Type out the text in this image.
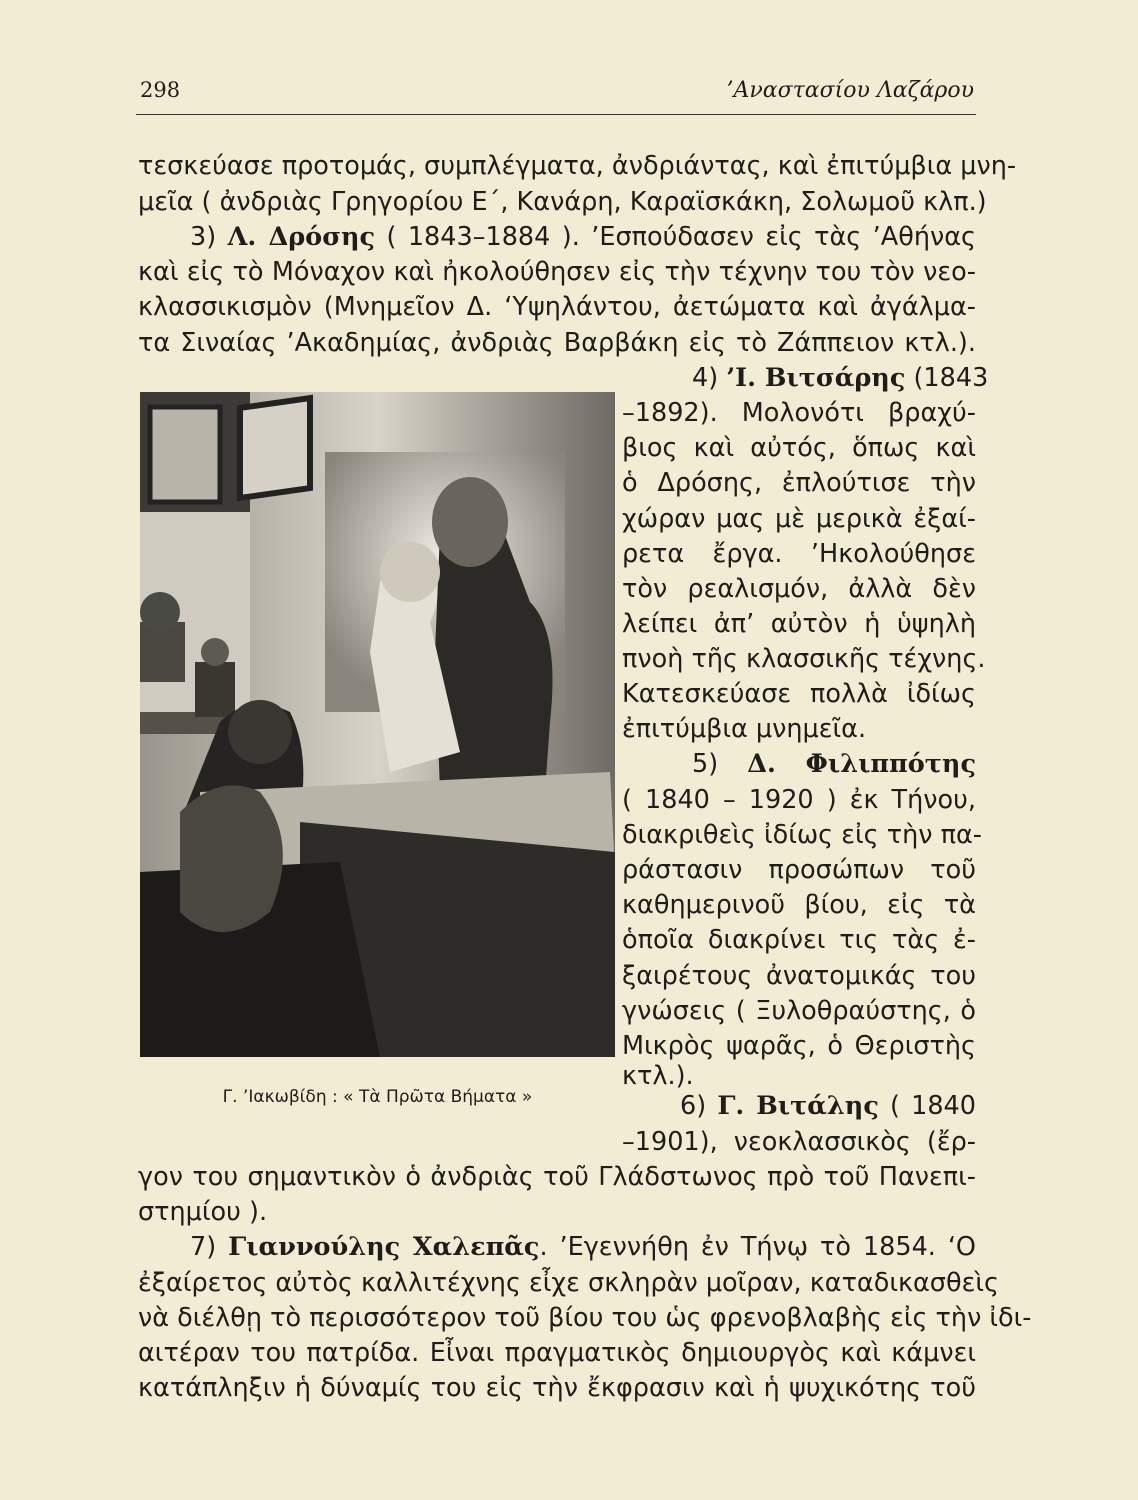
298	’Αναστασίου Λαζάρου
τεσκεύασε προτομάς, συμπλέγματα, ἀνδριάντας, καὶ ἐπιτύμβια μνη-
μεῖα ( ἀνδριὰς Γρηγορίου Ε΄, Κανάρη, Καραϊσκάκη, Σολωμοῦ κλπ.)
3) Λ. Δρόσης ( 1843–1884 ). ’Εσπούδασεν εἰς τὰς ’Αθήνας
καὶ εἰς τὸ Μόναχον καὶ ἠκολούθησεν εἰς τὴν τέχνην του τὸν νεο-
κλασσικισμὸν (Μνημεῖον Δ. ‘Υψηλάντου, ἀετώματα καὶ ἀγάλμα-
τα Σιναίας ’Ακαδημίας, ἀνδριὰς Βαρβάκη εἰς τὸ Ζάππειον κτλ.).
Γ. ’Ιακωβίδη : « Τὰ Πρῶτα Βήματα »
4) ’Ι. Βιτσάρης (1843
–1892). Μολονότι βραχύ-
βιος καὶ αὐτός, ὅπως καὶ
ὁ Δρόσης, ἐπλούτισε τὴν
χώραν μας μὲ μερικὰ ἐξαί-
ρετα ἔργα. ’Ηκολούθησε
τὸν ρεαλισμόν, ἀλλὰ δὲν
λείπει ἀπ’ αὐτὸν ἡ ὑψηλὴ
πνοὴ τῆς κλασσικῆς τέχνης.
Κατεσκεύασε πολλὰ ἰδίως
ἐπιτύμβια μνημεῖα.
5) Δ. Φιλιππότης
( 1840 – 1920 ) ἐκ Τήνου,
διακριθεὶς ἰδίως εἰς τὴν πα-
ράστασιν προσώπων τοῦ
καθημερινοῦ βίου, εἰς τὰ
ὁποῖα διακρίνει τις τὰς ἐ-
ξαιρέτους ἀνατομικάς του
γνώσεις ( Ξυλοθραύστης, ὁ
Μικρὸς ψαρᾶς, ὁ Θεριστὴς
κτλ.).
6) Γ. Βιτάλης ( 1840
–1901), νεοκλασσικὸς (ἔρ-
γον του σημαντικὸν ὁ ἀνδριὰς τοῦ Γλάδστωνος πρὸ τοῦ Πανεπι-
στημίου ).
7) Γιαννούλης Χαλεπᾶς. ’Εγεννήθη ἐν Τήνῳ τὸ 1854. ‘Ο
ἐξαίρετος αὐτὸς καλλιτέχνης εἶχε σκληρὰν μοῖραν, καταδικασθεὶς
νὰ διέλθῃ τὸ περισσότερον τοῦ βίου του ὡς φρενοβλαβὴς εἰς τὴν ἰδι-
αιτέραν του πατρίδα. Εἶναι πραγματικὸς δημιουργὸς καὶ κάμνει
κατάπληξιν ἡ δύναμίς του εἰς τὴν ἔκφρασιν καὶ ἡ ψυχικότης τοῦ
